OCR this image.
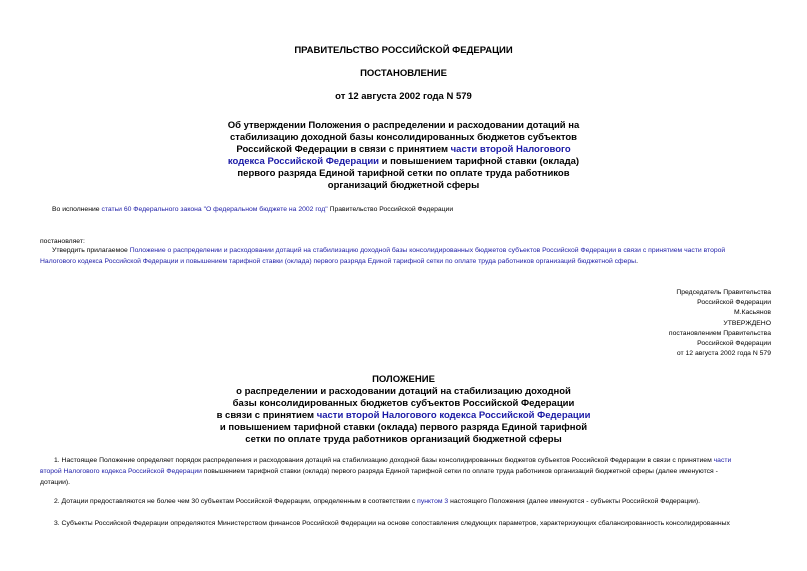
ПРАВИТЕЛЬСТВО РОССИЙСКОЙ ФЕДЕРАЦИИ
ПОСТАНОВЛЕНИЕ
от 12 августа 2002 года N 579
Об утверждении Положения о распределении и расходовании дотаций на
стабилизацию доходной базы консолидированных бюджетов субъектов
Российской Федерации в связи с принятием части второй Налогового
кодекса Российской Федерации и повышением тарифной ставки (оклада)
первого разряда Единой тарифной сетки по оплате труда работников
организаций бюджетной сферы
Во исполнение статьи 60 Федерального закона "О федеральном бюджете на 2002 год" Правительство Российской Федерации
постановляет:
Утвердить прилагаемое Положение о распределении и расходовании дотаций на стабилизацию доходной базы консолидированных бюджетов субъектов Российской Федерации в связи с принятием части второй
Налогового кодекса Российской Федерации и повышением тарифной ставки (оклада) первого разряда Единой тарифной сетки по оплате труда работников организаций бюджетной сферы.
Председатель Правительства
Российской Федерации
М.Касьянов
УТВЕРЖДЕНО
постановлением Правительства
Российской Федерации
от 12 августа 2002 года N 579
ПОЛОЖЕНИЕ
о распределении и расходовании дотаций на стабилизацию доходной
базы консолидированных бюджетов субъектов Российской Федерации
в связи с принятием части второй Налогового кодекса Российской Федерации
и повышением тарифной ставки (оклада) первого разряда Единой тарифной
сетки по оплате труда работников организаций бюджетной сферы
1. Настоящее Положение определяет порядок распределения и расходования дотаций на стабилизацию доходной базы консолидированных бюджетов субъектов Российской Федерации в связи с принятием части
второй Налогового кодекса Российской Федерации повышением тарифной ставки (оклада) первого разряда Единой тарифной сетки по оплате труда работников организаций бюджетной сферы (далее именуются -
дотации).
2. Дотации предоставляются не более чем 30 субъектам Российской Федерации, определенным в соответствии с пунктом 3 настоящего Положения (далее именуются - субъекты Российской Федерации).
3. Субъекты Российской Федерации определяются Министерством финансов Российской Федерации на основе сопоставления следующих параметров, характеризующих сбалансированность консолидированных
